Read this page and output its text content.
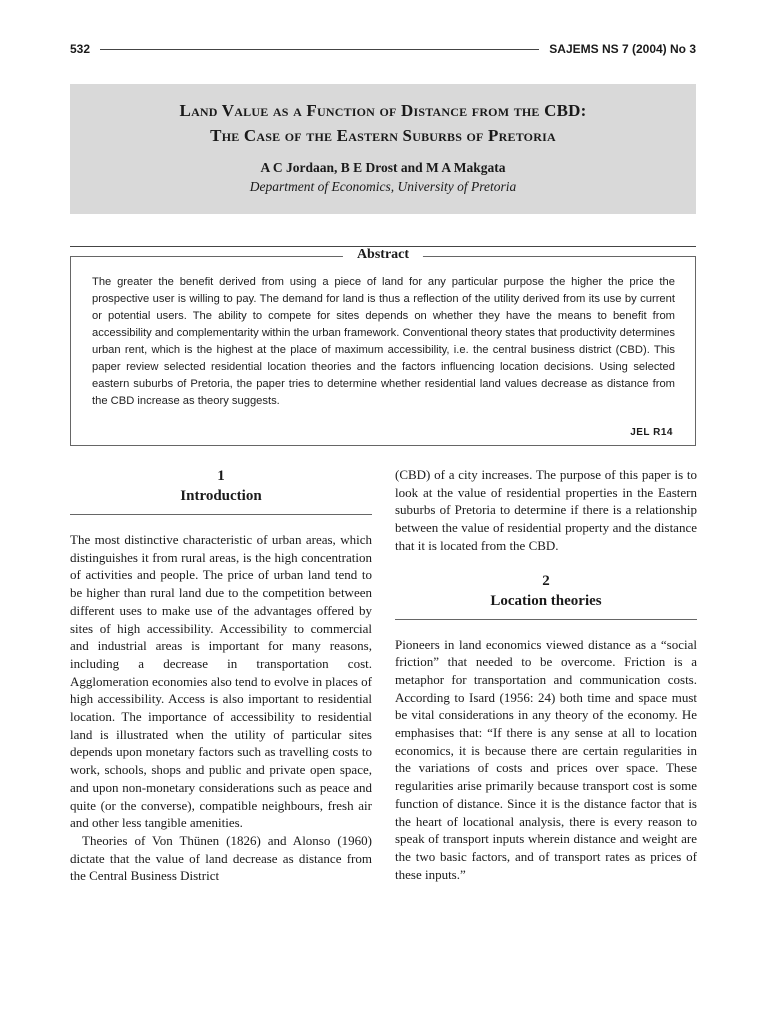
532	SAJEMS NS 7 (2004) No 3
Land Value as a Function of Distance from the CBD:
The Case of the Eastern Suburbs of Pretoria
A C Jordaan, B E Drost and M A Makgata
Department of Economics, University of Pretoria
Abstract
The greater the benefit derived from using a piece of land for any particular purpose the higher the price the prospective user is willing to pay. The demand for land is thus a reflection of the utility derived from its use by current or potential users. The ability to compete for sites depends on whether they have the means to benefit from accessibility and complementarity within the urban framework. Conventional theory states that productivity determines urban rent, which is the highest at the place of maximum accessibility, i.e. the central business district (CBD). This paper review selected residential location theories and the factors influencing location decisions. Using selected eastern suburbs of Pretoria, the paper tries to determine whether residential land values decrease as distance from the CBD increase as theory suggests.
JEL R14
1
Introduction

The most distinctive characteristic of urban areas, which distinguishes it from rural areas, is the high concentration of activities and people. The price of urban land tend to be higher than rural land due to the competition between different uses to make use of the advantages offered by sites of high accessibility. Accessibility to commercial and industrial areas is important for many reasons, including a decrease in transportation cost. Agglomeration economies also tend to evolve in places of high accessibility. Access is also important to residential location. The importance of accessibility to residential land is illustrated when the utility of particular sites depends upon monetary factors such as travelling costs to work, schools, shops and public and private open space, and upon non-monetary considerations such as peace and quite (or the converse), compatible neighbours, fresh air and other less tangible amenities.

Theories of Von Thünen (1826) and Alonso (1960) dictate that the value of land decrease as distance from the Central Business District

(CBD) of a city increases. The purpose of this paper is to look at the value of residential properties in the Eastern suburbs of Pretoria to determine if there is a relationship between the value of residential property and the distance that it is located from the CBD.

2
Location theories

Pioneers in land economics viewed distance as a “social friction” that needed to be overcome. Friction is a metaphor for transportation and communication costs. According to Isard (1956: 24) both time and space must be vital considerations in any theory of the economy. He emphasises that: “If there is any sense at all to location economics, it is because there are certain regularities in the variations of costs and prices over space. These regularities arise primarily because transport cost is some function of distance. Since it is the distance factor that is the heart of locational analysis, there is every reason to speak of transport inputs wherein distance and weight are the two basic factors, and of transport rates as prices of these inputs.”
